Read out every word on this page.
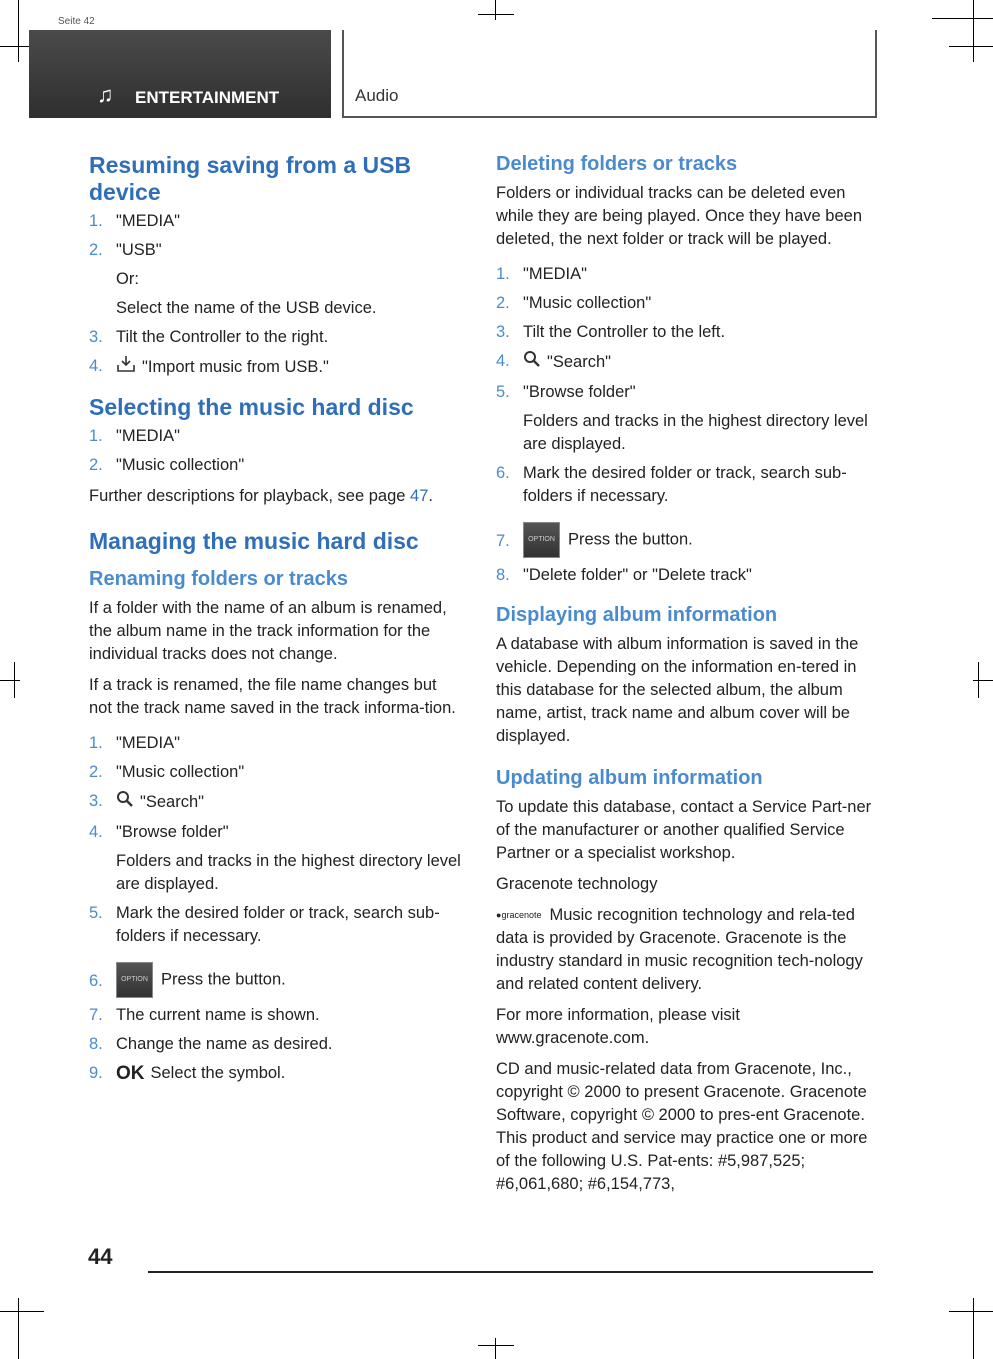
Seite 42
♫ ENTERTAINMENT	Audio
Resuming saving from a USB device
1. "MEDIA"
2. "USB"
Or:
Select the name of the USB device.
3. Tilt the Controller to the right.
4. "Import music from USB."
Selecting the music hard disc
1. "MEDIA"
2. "Music collection"

Further descriptions for playback, see page 47.

Managing the music hard disc
Renaming folders or tracks

If a folder with the name of an album is renamed, the album name in the track information for the individual tracks does not change.

If a track is renamed, the file name changes but not the track name saved in the track informa-tion.

1. "MEDIA"
2. "Music collection"
3. "Search"
4. "Browse folder"
Folders and tracks in the highest directory level are displayed.
5. Mark the desired folder or track, search sub-folders if necessary.
6.	OPTION Press the button.
7. The current name is shown.
8. Change the name as desired.
9. OK Select the symbol.
Deleting folders or tracks

Folders or individual tracks can be deleted even while they are being played. Once they have been deleted, the next folder or track will be played.

1. "MEDIA"
2. "Music collection"
3. Tilt the Controller to the left.
4. "Search"
5. "Browse folder"
Folders and tracks in the highest directory level are displayed.
6. Mark the desired folder or track, search sub-folders if necessary.
7.	OPTION Press the button.
8. "Delete folder" or "Delete track"
Displaying album information

A database with album information is saved in the vehicle. Depending on the information en-tered in this database for the selected album, the album name, artist, track name and album cover will be displayed.

Updating album information

To update this database, contact a Service Part-ner of the manufacturer or another qualified Service Partner or a specialist workshop.

Gracenote technology

●gracenote Music recognition technology and rela-ted data is provided by Gracenote. Gracenote is the industry standard in music recognition tech-nology and related content delivery.

For more information, please visit www.gracenote.com.

CD and music-related data from Gracenote, Inc., copyright © 2000 to present Gracenote. Gracenote Software, copyright © 2000 to pres-ent Gracenote. This product and service may practice one or more of the following U.S. Pat-ents: #5,987,525; #6,061,680; #6,154,773,

44
